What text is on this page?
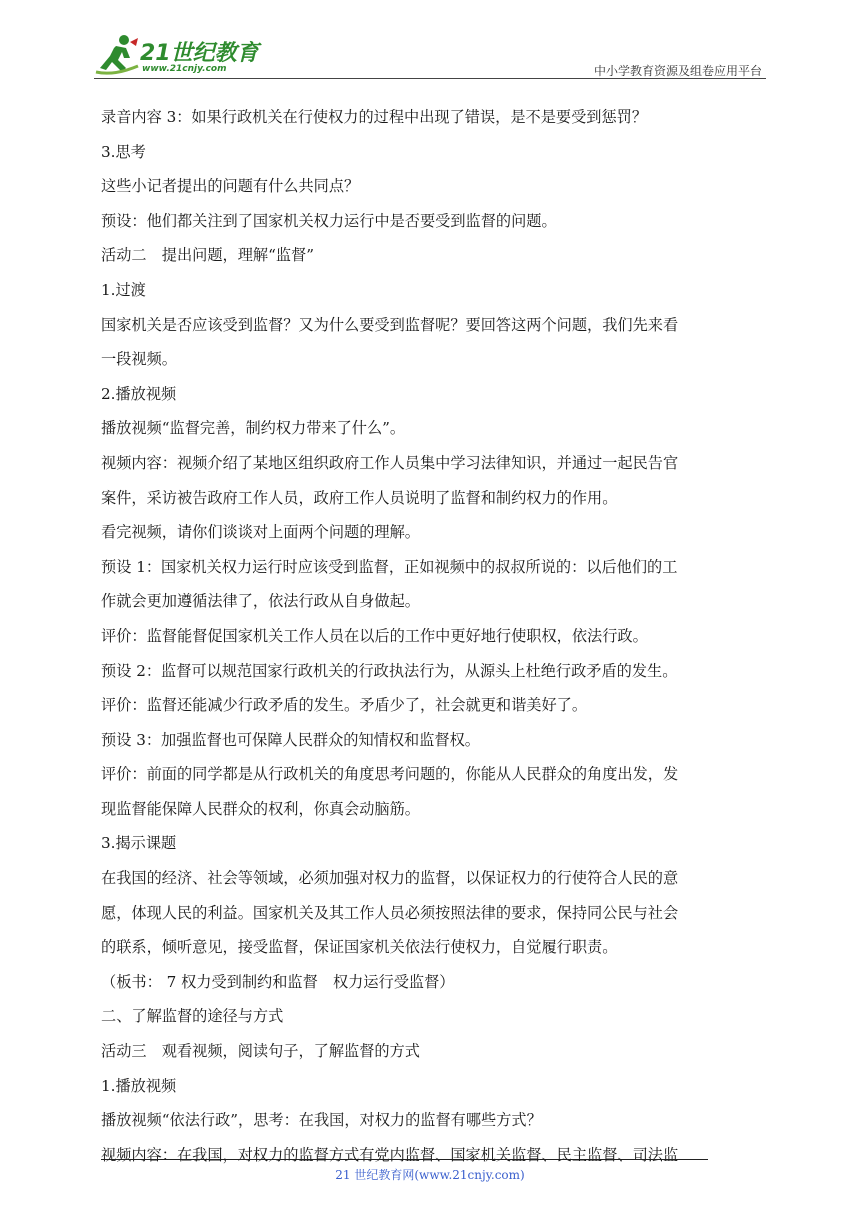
21世纪教育
www.21cnjy.com	中小学教育资源及组卷应用平台
录音内容 3：如果行政机关在行使权力的过程中出现了错误，是不是要受到惩罚？
3.思考
这些小记者提出的问题有什么共同点？
预设：他们都关注到了国家机关权力运行中是否要受到监督的问题。
活动二　提出问题，理解“监督”
1.过渡
国家机关是否应该受到监督？又为什么要受到监督呢？要回答这两个问题，我们先来看
一段视频。
2.播放视频
播放视频“监督完善，制约权力带来了什么”。
视频内容：视频介绍了某地区组织政府工作人员集中学习法律知识，并通过一起民告官
案件，采访被告政府工作人员，政府工作人员说明了监督和制约权力的作用。
看完视频，请你们谈谈对上面两个问题的理解。
预设 1：国家机关权力运行时应该受到监督，正如视频中的叔叔所说的：以后他们的工
作就会更加遵循法律了，依法行政从自身做起。
评价：监督能督促国家机关工作人员在以后的工作中更好地行使职权，依法行政。
预设 2：监督可以规范国家行政机关的行政执法行为，从源头上杜绝行政矛盾的发生。
评价：监督还能减少行政矛盾的发生。矛盾少了，社会就更和谐美好了。
预设 3：加强监督也可保障人民群众的知情权和监督权。
评价：前面的同学都是从行政机关的角度思考问题的，你能从人民群众的角度出发，发
现监督能保障人民群众的权利，你真会动脑筋。
3.揭示课题
在我国的经济、社会等领域，必须加强对权力的监督，以保证权力的行使符合人民的意
愿，体现人民的利益。国家机关及其工作人员必须按照法律的要求，保持同公民与社会
的联系，倾听意见，接受监督，保证国家机关依法行使权力，自觉履行职责。
（板书： 7 权力受到制约和监督　权力运行受监督）
二、了解监督的途径与方式
活动三　观看视频，阅读句子，了解监督的方式
1.播放视频
播放视频“依法行政”，思考：在我国，对权力的监督有哪些方式？
视频内容：在我国，对权力的监督方式有党内监督、国家机关监督、民主监督、司法监
21 世纪教育网(www.21cnjy.com)
